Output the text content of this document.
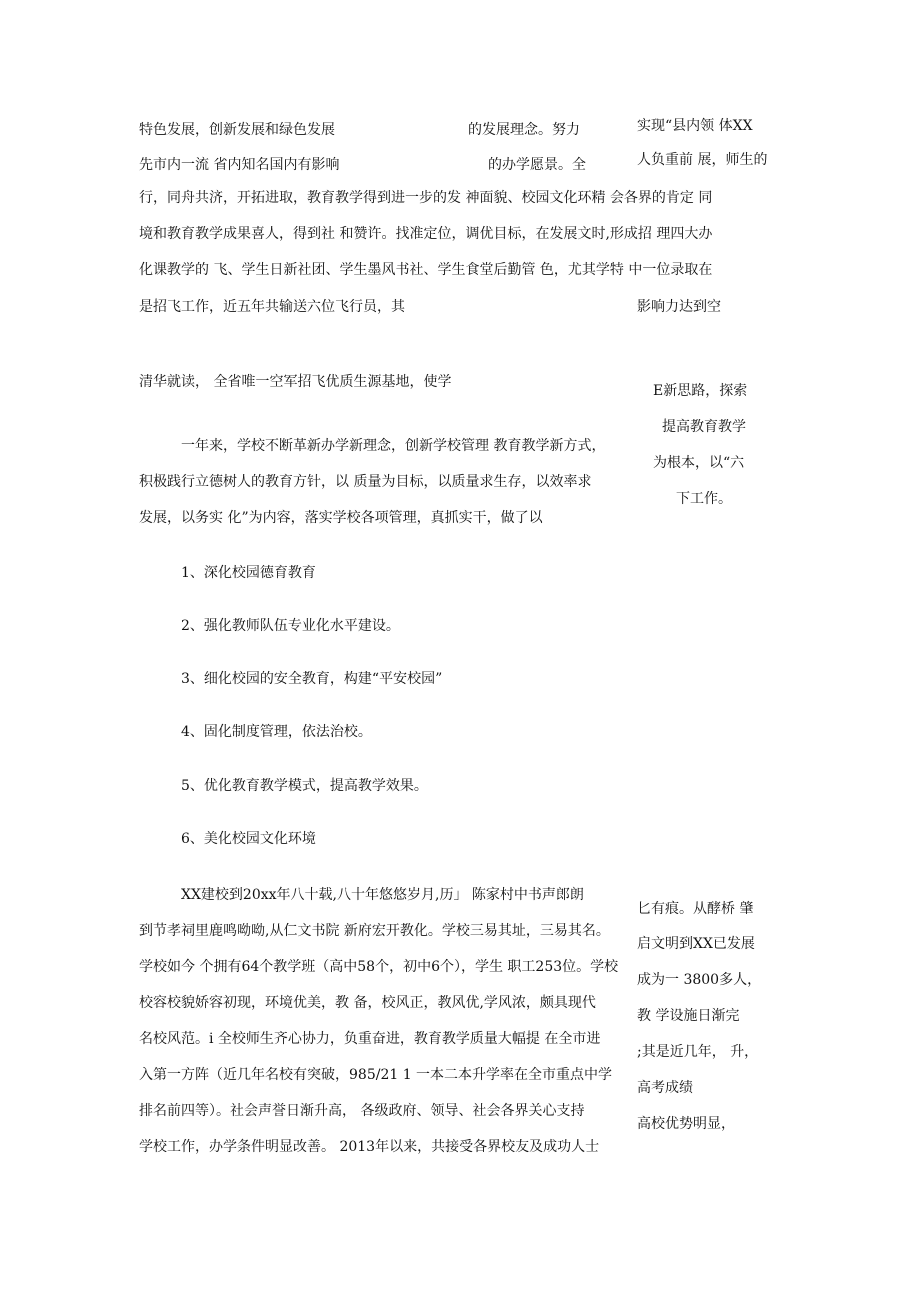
特色发展，创新发展和绿色发展	的发展理念。努力	实现“县内领 体XX
先市内一流 省内知名国内有影响	的办学愿景。全	人负重前 展，师生的
行，同舟共济，开拓进取，教育教学得到进一步的发 神面貌、校园文化环精 会各界的肯定 同
境和教育教学成果喜人，得到社 和赞许。找准定位，调优目标，在发展文时,形成招 理四大办
化课教学的 飞、学生日新社团、学生墨风书社、学生食堂后勤管 色，尤其学特 中一位录取在
是招飞工作，近五年共输送六位飞行员，其	影响力达到空
清华就读， 全省唯一空军招飞优质生源基地，使学
E新思路，探索
提高教育教学
一年来，学校不断革新办学新理念，创新学校管理 教育教学新方式，
为根本，以“六
积极践行立德树人的教育方针，以 质量为目标，以质量求生存，以效率求
下工作。
发展，以务实 化”为内容，落实学校各项管理，真抓实干，做了以
1、深化校园德育教育
2、强化教师队伍专业化水平建设。
3、细化校园的安全教育，构建“平安校园”
4、固化制度管理，依法治校。
5、优化教育教学模式，提高教学效果。
6、美化校园文化环境
XX建校到20xx年八十载,八十年悠悠岁月,历」 陈家村中书声郎朗
匕有痕。从酵桥 肇
到节孝祠里鹿鸣呦呦,从仁文书院 新府宏开教化。学校三易其址，三易其名。
启文明到XX已发展
学校如今 个拥有64个教学班（高中58个，初中6个），学生 职工253位。学校
成为一 3800多人，
校容校貌娇容初现，环境优美，教 备，校风正，教风优,学风浓，颇具现代
教 学设施日渐完
名校风范。i 全校师生齐心协力，负重奋进，教育教学质量大幅提 在全市进
;其是近几年， 升，
入第一方阵（近几年名校有突破，985/21 1 一本二本升学率在全市重点中学
高考成绩
排名前四等）。社会声誉日渐升高， 各级政府、领导、社会各界关心支持
高校优势明显，
学校工作，办学条件明显改善。 2013年以来，共接受各界校友及成功人士
